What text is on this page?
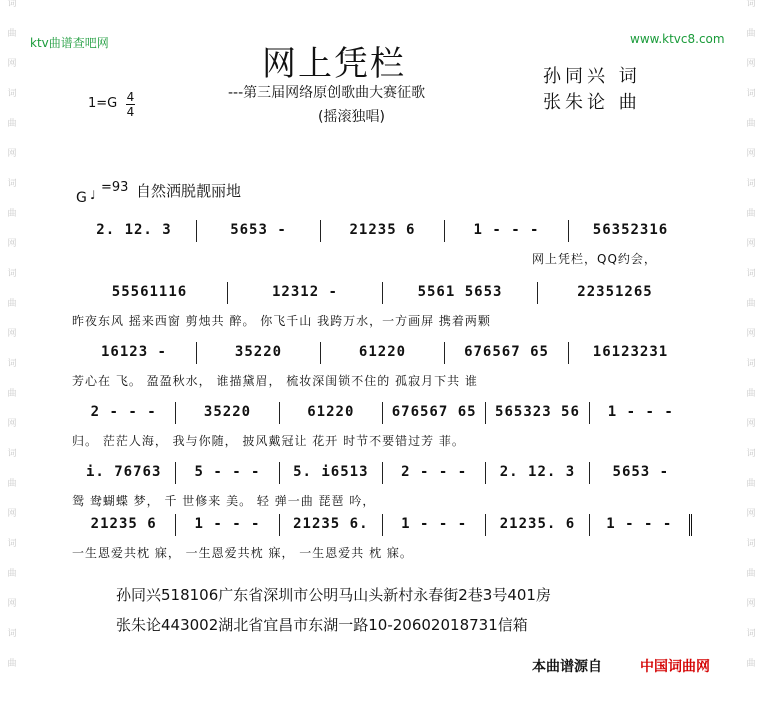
词
曲
网
词
曲
网
词
曲
网
词
曲
网
词
曲
网
词
曲
网
词
曲
网
词
曲
词
曲
网
词
曲
网
词
曲
网
词
曲
网
词
曲
网
词
曲
网
词
曲
网
词
曲
ktv曲谱查吧网	www.ktvc8.com
网上凭栏
---第三届网络原创歌曲大赛征歌
(摇滚独唱)
孙同兴 词
张朱论 曲
1=G 4
4
G ♩ =93 自然洒脱靓丽地
2. 12. 3	5653 -	21235 6	1 - - -	56352316
网上凭栏，QQ约会，
55561116	12312 -	5561 5653	22351265
昨夜东风 摇来西窗 剪烛共 醉。 你飞千山 我跨万水，一方画屏 携着两颗
16123 -	35220	61220	676567 65	16123231
芳心在 飞。 盈盈秋水， 谁描黛眉， 梳妆深闺锁不住的 孤寂月下共 谁
2 - - -	35220	61220	676567 65	565323 56	1 - - -
归。 茫茫人海， 我与你随， 披风戴冠让 花开 时节不要错过芳 菲。
i. 76763	5 - - -	5. i6513	2 - - -	2. 12. 3	5653 -
鸳 鸯蝴蝶 梦， 千 世修来 美。 轻 弹一曲 琵琶 吟，
21235 6	1 - - -	21235 6.	1 - - -	21235. 6	1 - - -
一生恩爱共枕 寐， 一生恩爱共枕 寐， 一生恩爱共 枕 寐。
孙同兴518106广东省深圳市公明马山头新村永春街2巷3号401房
张朱论443002湖北省宜昌市东湖一路10-20602018731信箱
本曲谱源自	中国词曲网
